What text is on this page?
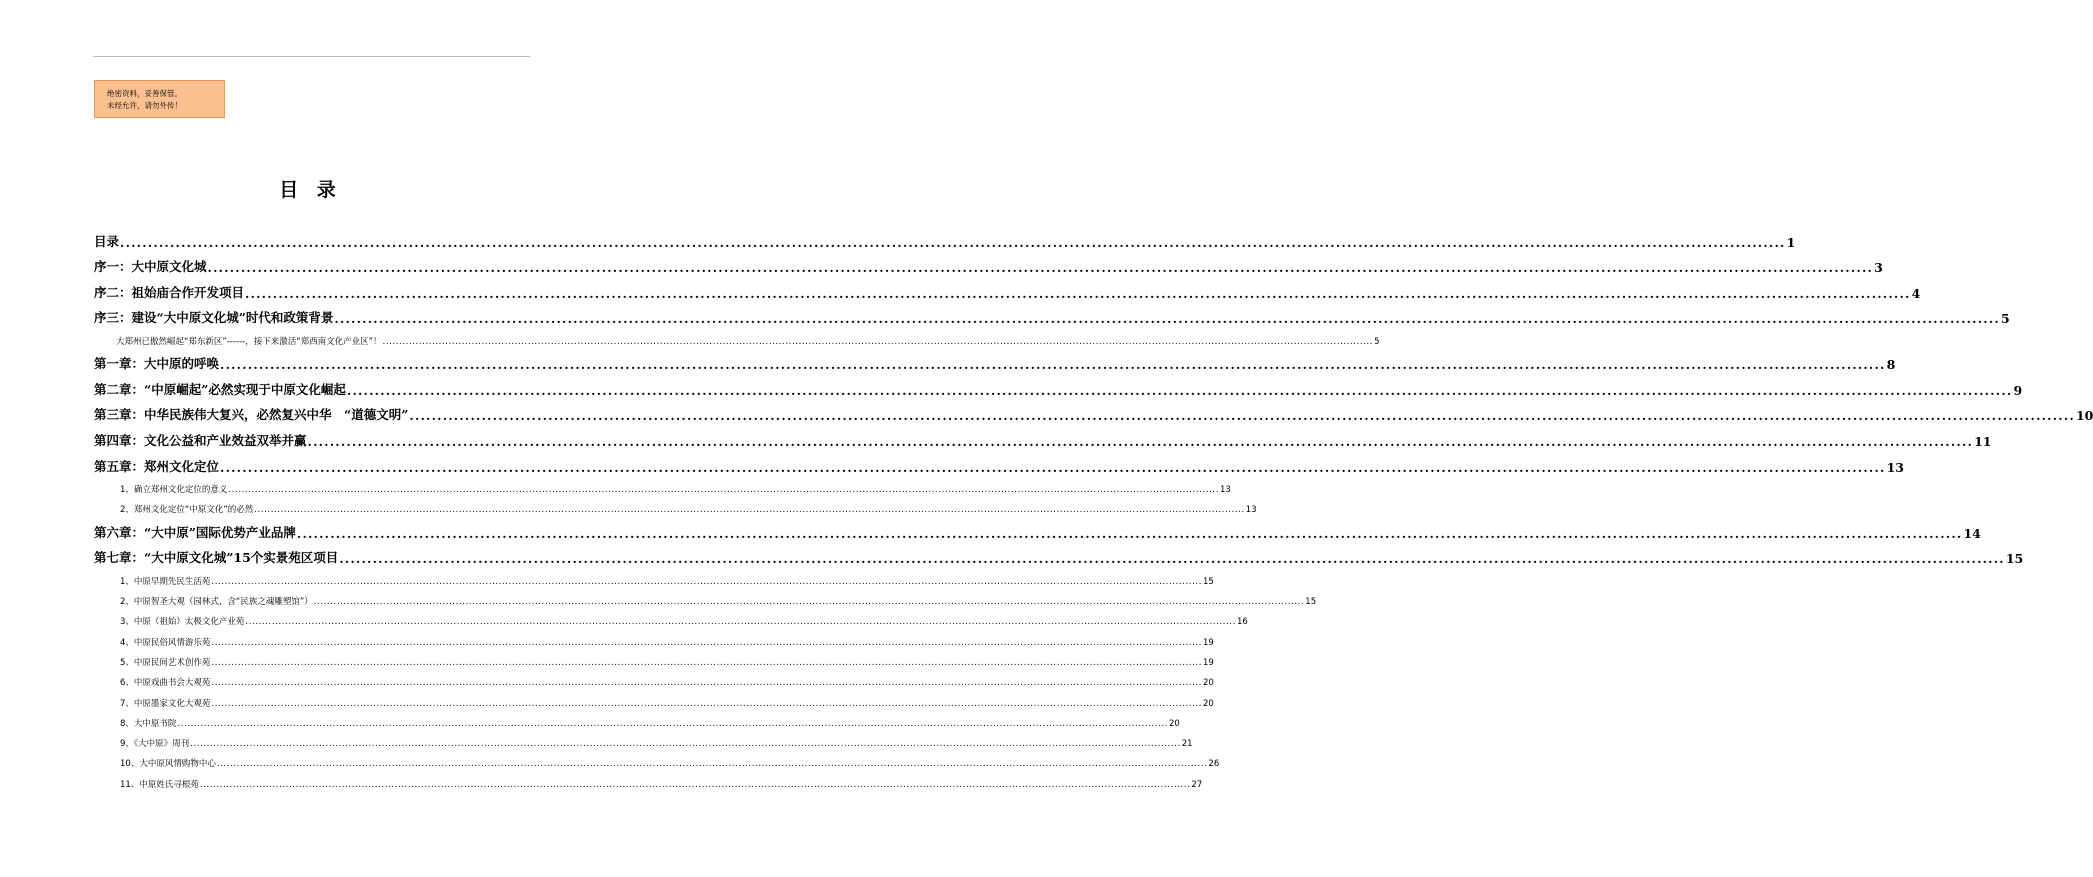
绝密资料，妥善保管。
未经允许，请勿外传！
目 录
目录 ............................................................................................................................................................................................................................................................................................................ 1
序一：大中原文化城 ............................................................................................................................................................................................................................................................................................................ 3
序二：祖始庙合作开发项目 ............................................................................................................................................................................................................................................................................................................ 4
序三：建设“大中原文化城”时代和政策背景 ............................................................................................................................................................................................................................................................................................................ 5
大郑州已傲然崛起“郑东新区”------，接下来激活“郑西南文化产业区”！ ............................................................................................................................................................................................................................................................................................................ 5
第一章：大中原的呼唤 ............................................................................................................................................................................................................................................................................................................ 8
第二章：“中原崛起”必然实现于中原文化崛起 ............................................................................................................................................................................................................................................................................................................ 9
第三章：中华民族伟大复兴，必然复兴中华　“道德文明” ............................................................................................................................................................................................................................................................................................................ 10
第四章：文化公益和产业效益双举并赢 ............................................................................................................................................................................................................................................................................................................ 11
第五章：郑州文化定位 ............................................................................................................................................................................................................................................................................................................ 13
1、确立郑州文化定位的意义 ............................................................................................................................................................................................................................................................................................................ 13
2、郑州文化定位“中原文化”的必然 ............................................................................................................................................................................................................................................................................................................ 13
第六章：“大中原”国际优势产业品牌 ............................................................................................................................................................................................................................................................................................................ 14
第七章：“大中原文化城”15个实景苑区项目 ............................................................................................................................................................................................................................................................................................................ 15
1、中原早期先民生活苑 ............................................................................................................................................................................................................................................................................................................ 15
2、中原智圣大观（园林式，含“民族之魂雕塑馆”） ............................................................................................................................................................................................................................................................................................................ 15
3、中原（祖始）太极文化产业苑 ............................................................................................................................................................................................................................................................................................................ 16
4、中原民俗风情游乐苑 ............................................................................................................................................................................................................................................................................................................ 19
5、中原民间艺术创作苑 ............................................................................................................................................................................................................................................................................................................ 19
6、中原戏曲书会大观苑 ............................................................................................................................................................................................................................................................................................................ 20
7、中原墨家文化大观苑 ............................................................................................................................................................................................................................................................................................................ 20
8、大中原书院 ............................................................................................................................................................................................................................................................................................................ 20
9、《大中原》周刊 ............................................................................................................................................................................................................................................................................................................ 21
10、大中原风情购物中心 ............................................................................................................................................................................................................................................................................................................ 26
11、中原姓氏寻根苑 ............................................................................................................................................................................................................................................................................................................ 27
